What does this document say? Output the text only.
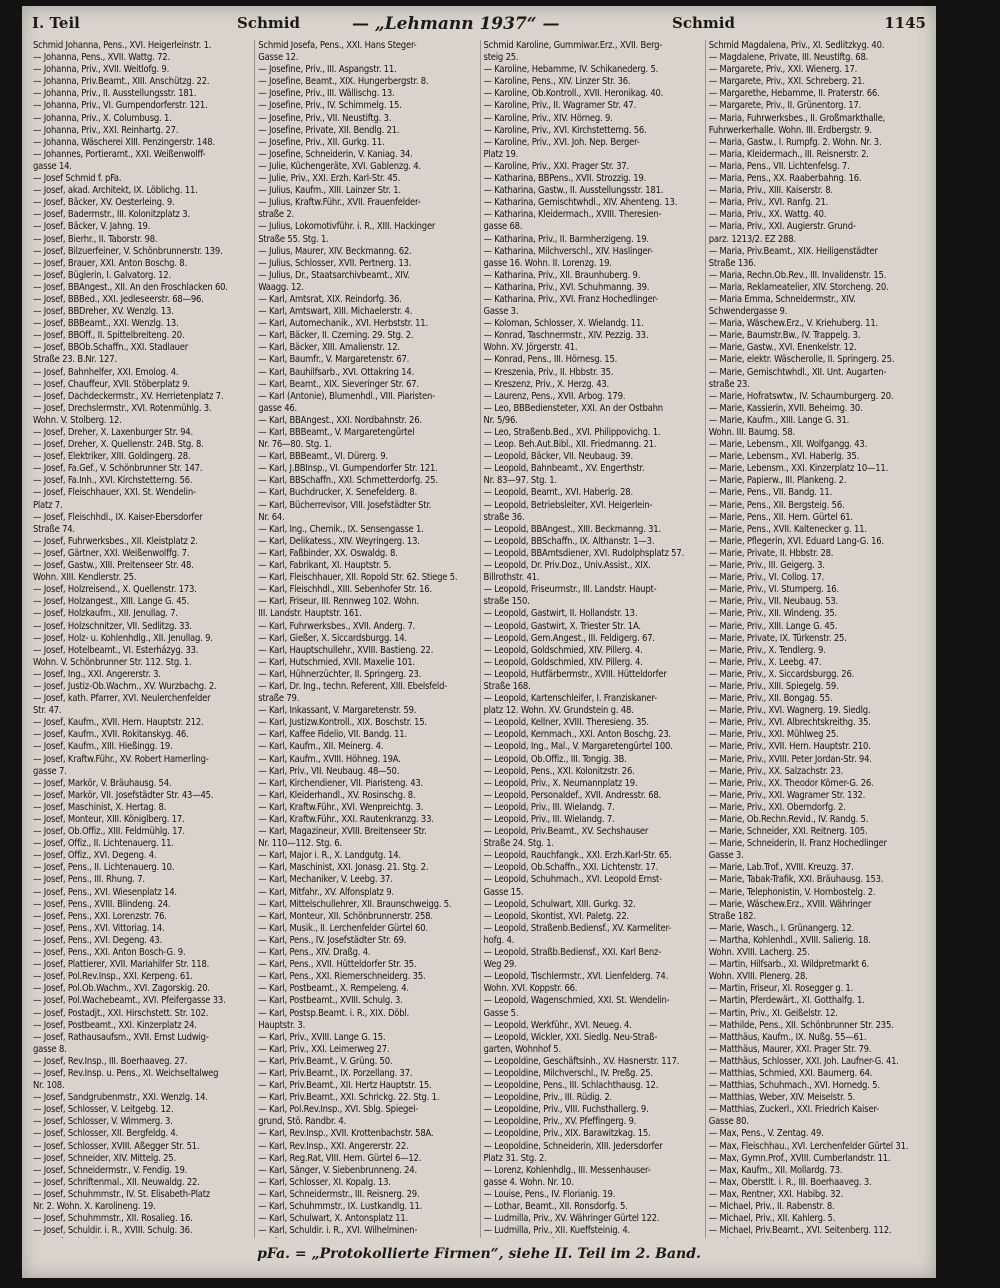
I. Teil	Schmid	— „Lehmann 1937“ —	Schmid	1145
Schmid Johanna, Pens., XVI. Heigerleinstr. 1.
— Johanna, Pens., XVII. Wattg. 72.
— Johanna, Priv., XVII. Weitlofg. 9.
— Johanna, Priv.Beamt., XIII. Anschützg. 22.
— Johanna, Priv., II. Ausstellungsstr. 181.
— Johanna, Priv., VI. Gumpendorferstr. 121.
— Johanna, Priv., X. Columbusg. 1.
— Johanna, Priv., XXI. Reinhartg. 27.
— Johanna, Wäscherei XIII. Penzingerstr. 148.
— Johannes, Portieramt., XXI. Weißenwolff-
gasse 14.
— Josef Schmid f. pFa.
— Josef, akad. Architekt, IX. Löblichg. 11.
— Josef, Bäcker, XV. Oesterleing. 9.
— Josef, Badermstr., III. Kolonitzplatz 3.
— Josef, Bäcker, V. Jahng. 19.
— Josef, Bierhr., II. Taborstr. 98.
— Josef, Bilzuerfeiner, V. Schönbrunnerstr. 139.
— Josef, Brauer, XXI. Anton Boschg. 8.
— Josef, Büglerin, I. Galvatorg. 12.
— Josef, BBAngest., XII. An den Froschlacken 60.
— Josef, BBBed., XXI. Jedleseerstr. 68—96.
— Josef, BBDreher, XV. Wenzlg. 13.
— Josef, BBBeamt., XXI. Wenzlg. 13.
— Josef, BBOff., II. Spittelbreiteng. 20.
— Josef, BBOb.Schaffn., XXI. Stadlauer
Straße 23. B.Nr. 127.
— Josef, Bahnhelfer, XXI. Emolog. 4.
— Josef, Chauffeur, XVII. Stöberplatz 9.
— Josef, Dachdeckermstr., XV. Herrietenplatz 7.
— Josef, Drechslermstr., XVI. Rotenmühlg. 3.
Wohn. V. Stolberg. 12.
— Josef, Dreher, X. Laxenburger Str. 94.
— Josef, Dreher, X. Quellenstr. 24B. Stg. 8.
— Josef, Elektriker, XIII. Goldingerg. 28.
— Josef, Fa.Gef., V. Schönbrunner Str. 147.
— Josef, Fa.Inh., XVI. Kirchstetterng. 56.
— Josef, Fleischhauer, XXI. St. Wendelin-
Platz 7.
— Josef, Fleischhdl., IX. Kaiser-Ebersdorfer
Straße 74.
— Josef, Fuhrwerksbes., XII. Kleistplatz 2.
— Josef, Gärtner, XXI. Weißenwolffg. 7.
— Josef, Gastw., XIII. Preitenseer Str. 48.
Wohn. XIII. Kendlerstr. 25.
— Josef, Holzreisend., X. Quellenstr. 173.
— Josef, Holzangest., XIII. Lange G. 45.
— Josef, Holzkaufm., XII. Jenullag. 7.
— Josef, Holzschnitzer, VII. Sedlitzg. 33.
— Josef, Holz- u. Kohlenhdlg., XII. Jenullag. 9.
— Josef, Hotelbeamt., VI. Esterházyg. 33.
Wohn. V. Schönbrunner Str. 112. Stg. 1.
— Josef, Ing., XXI. Angererstr. 3.
— Josef, Justiz-Ob.Wachm., XV. Wurzbachg. 2.
— Josef, kath. Pfarrer, XVI. Neulerchenfelder
Str. 47.
— Josef, Kaufm., XVII. Hern. Hauptstr. 212.
— Josef, Kaufm., XVII. Rokitanskyg. 46.
— Josef, Kaufm., XIII. Hießingg. 19.
— Josef, Kraftw.Führ., XV. Robert Hamerling-
gasse 7.
— Josef, Markör, V. Bräuhausg. 54.
— Josef, Markör, VII. Josefstädter Str. 43—45.
— Josef, Maschinist, X. Hertag. 8.
— Josef, Monteur, XIII. Königlberg. 17.
— Josef, Ob.Offiz., XIII. Feldmühlg. 17.
— Josef, Offiz., II. Lichtenauerg. 11.
— Josef, Offiz., XVI. Degeng. 4.
— Josef, Pens., II. Lichtenauerg. 10.
— Josef, Pens., III. Rhung. 7.
— Josef, Pens., XVI. Wiesenplatz 14.
— Josef, Pens., XVIII. Blindeng. 24.
— Josef, Pens., XXI. Lorenzstr. 76.
— Josef, Pens., XVI. Vittoriag. 14.
— Josef, Pens., XVI. Degeng. 43.
— Josef, Pens., XXI. Anton Bosch-G. 9.
— Josef, Plattierer, XVII. Mariahilfer Str. 118.
— Josef, Pol.Rev.Insp., XXI. Kerpeng. 61.
— Josef, Pol.Ob.Wachm., XVI. Zagorskig. 20.
— Josef, Pol.Wachebeamt., XVI. Pfeifergasse 33.
— Josef, Postadjt., XXI. Hirschstett. Str. 102.
— Josef, Postbeamt., XXI. Kinzerplatz 24.
— Josef, Rathausaufsm., XVII. Ernst Ludwig-
gasse 8.
— Josef, Rev.Insp., III. Boerhaaveg. 27.
— Josef, Rev.Insp. u. Pens., XI. Weichseltalweg
Nr. 108.
— Josef, Sandgrubenmstr., XXI. Wenzlg. 14.
— Josef, Schlosser, V. Leitgebg. 12.
— Josef, Schlosser, V. Wimmerg. 3.
— Josef, Schlosser, XII. Bergfeldg. 4.
— Josef, Schlosser, XVIII. Aßegger Str. 51.
— Josef, Schneider, XIV. Mittelg. 25.
— Josef, Schneidermstr., V. Fendig. 19.
— Josef, Schriftenmal., XII. Neuwaldg. 22.
— Josef, Schuhmmstr., IV. St. Elisabeth-Platz
Nr. 2. Wohn. X. Karolineng. 19.
— Josef, Schuhmmstr., XII. Rosalieg. 16.
— Josef, Schuldir. i. R., XVIII. Schulg. 36.
Schmid Josefa, Pens., XXI. Hans Steger-
Gasse 12.
— Josefine, Priv., III. Aspangstr. 11.
— Josefine, Beamt., XIX. Hungerbergstr. 8.
— Josefine, Priv., III. Wällischg. 13.
— Josefine, Priv., IV. Schimmelg. 15.
— Josefine, Priv., VII. Neustiftg. 3.
— Josefine, Private, XII. Bendlg. 21.
— Josefine, Priv., XII. Gurkg. 11.
— Josefine, Schneiderin, V. Kaniag. 34.
— Julie, Küchengeräte, XVI. Gablenzg. 4.
— Julie, Priv., XXI. Erzh. Karl-Str. 45.
— Julius, Kaufm., XIII. Lainzer Str. 1.
— Julius, Kraftw.Führ., XVII. Frauenfelder-
straße 2.
— Julius, Lokomotivführ. i. R., XIII. Hackinger
Straße 55. Stg. 1.
— Julius, Maurer, XIV. Beckmanng. 62.
— Julius, Schlosser, XVII. Pertnerg. 13.
— Julius, Dr., Staatsarchivbeamt., XIV.
Waagg. 12.
— Karl, Amtsrat, XIX. Reindorfg. 36.
— Karl, Amtswart, XIII. Michaelerstr. 4.
— Karl, Automechanik., XVI. Herbststr. 11.
— Karl, Bäcker, II. Czerning. 29. Stg. 2.
— Karl, Bäcker, XIII. Amalienstr. 12.
— Karl, Baumfr., V. Margaretenstr. 67.
— Karl, Bauhilfsarb., XVI. Ottakring 14.
— Karl, Beamt., XIX. Sieveringer Str. 67.
— Karl (Antonie), Blumenhdl., VIII. Piaristen-
gasse 46.
— Karl, BBAngest., XXI. Nordbahnstr. 26.
— Karl, BBBeamt., V. Margaretengürtel
Nr. 76—80. Stg. 1.
— Karl, BBBeamt., VI. Dürerg. 9.
— Karl, J.BBInsp., VI. Gumpendorfer Str. 121.
— Karl, BBSchaffn., XXI. Schmetterdorfg. 25.
— Karl, Buchdrucker, X. Senefelderg. 8.
— Karl, Bücherrevisor, VIII. Josefstädter Str.
Nr. 64.
— Karl, Ing., Chemik., IX. Sensengasse 1.
— Karl, Delikatess., XIV. Weyringerg. 13.
— Karl, Faßbinder, XX. Oswaldg. 8.
— Karl, Fabrikant, XI. Hauptstr. 5.
— Karl, Fleischhauer, XII. Ropold Str. 62. Stiege 5.
— Karl, Fleischhdl., XIII. Sebenhofer Str. 16.
— Karl, Friseur, III. Rennweg 102. Wohn.
III. Landstr. Hauptstr. 161.
— Karl, Fuhrwerksbes., XVII. Anderg. 7.
— Karl, Gießer, X. Siccardsburgg. 14.
— Karl, Hauptschullehr., XVIII. Bastieng. 22.
— Karl, Hutschmied, XVII. Maxelie 101.
— Karl, Hühnerzüchter, II. Springerg. 23.
— Karl, Dr. Ing., techn. Referent, XIII. Ebelsfeld-
straße 79.
— Karl, Inkassant, V. Margaretenstr. 59.
— Karl, Justizw.Kontroll., XIX. Boschstr. 15.
— Karl, Kaffee Fidelio, VII. Bandg. 11.
— Karl, Kaufm., XII. Meinerg. 4.
— Karl, Kaufm., XVIII. Höhneg. 19A.
— Karl, Priv., VII. Neubaug. 48—50.
— Karl, Kirchendiener, VII. Piaristeng. 43.
— Karl, Kleiderhandl., XV. Rosinschg. 8.
— Karl, Kraftw.Führ., XVI. Wenpreichtg. 3.
— Karl, Kraftw.Führ., XXI. Rautenkranzg. 33.
— Karl, Magazineur, XVIII. Breitenseer Str.
Nr. 110—112. Stg. 6.
— Karl, Major i. R., X. Landgutg. 14.
— Karl, Maschinist, XXI. Jonasg. 21. Stg. 2.
— Karl, Mechaniker, V. Leebg. 37.
— Karl, Mitfahr., XV. Alfonsplatz 9.
— Karl, Mittelschullehrer, XII. Braunschweigg. 5.
— Karl, Monteur, XII. Schönbrunnerstr. 258.
— Karl, Musik., II. Lerchenfelder Gürtel 60.
— Karl, Pens., IV. Josefstädter Str. 69.
— Karl, Pens., XIV. Draßg. 4.
— Karl, Pens., XVII. Hütteldorfer Str. 35.
— Karl, Pens., XXI. Riemerschneiderg. 35.
— Karl, Postbeamt., X. Rempeleng. 4.
— Karl, Postbeamt., XVIII. Schulg. 3.
— Karl, Postsp.Beamt. i. R., XIX. Döbl.
Hauptstr. 3.
— Karl, Priv., XVIII. Lange G. 15.
— Karl, Priv., XXI. Leimerweg 27.
— Karl, Priv.Beamt., V. Grüng. 50.
— Karl, Priv.Beamt., IX. Porzellang. 37.
— Karl, Priv.Beamt., XII. Hertz Hauptstr. 15.
— Karl, Priv.Beamt., XXI. Schrickg. 22. Stg. 1.
— Karl, Pol.Rev.Insp., XVI. Sblg. Spiegel-
grund, Stö. Randbr. 4.
— Karl, Rev.Insp., XVII. Krottenbachstr. 58A.
— Karl, Rev.Insp., XXI. Angererstr. 22.
— Karl, Reg.Rat, VIII. Hern. Gürtel 6—12.
— Karl, Sänger, V. Siebenbrunneng. 24.
— Karl, Schlosser, XI. Kopalg. 13.
— Karl, Schneidermstr., III. Reisnerg. 29.
— Karl, Schuhmmstr., IX. Lustkandlg. 11.
— Karl, Schulwart, X. Antonsplatz 11.
— Karl, Schuldir. i. R., XVI. Wilhelminen-
Schmid Karoline, Gummiwar.Erz., XVII. Berg-
steig 25.
— Karoline, Hebamme, IV. Schikanederg. 5.
— Karoline, Pens., XIV. Linzer Str. 36.
— Karoline, Ob.Kontroll., XVII. Heronikag. 40.
— Karoline, Priv., II. Wagramer Str. 47.
— Karoline, Priv., XIV. Hörneg. 9.
— Karoline, Priv., XVI. Kirchstetterng. 56.
— Karoline, Priv., XVI. Joh. Nep. Berger-
Platz 19.
— Karoline, Priv., XXI. Prager Str. 37.
— Katharina, BBPens., XVII. Strozzig. 19.
— Katharina, Gastw., II. Ausstellungsstr. 181.
— Katharina, Gemischtwhdl., XIV. Ahenteng. 13.
— Katharina, Kleidermach., XVIII. Theresien-
gasse 68.
— Katharina, Priv., II. Barmherzigeng. 19.
— Katharina, Milchverschl., XIV. Haslinger-
gasse 16. Wohn. II. Lorenzg. 19.
— Katharina, Priv., XII. Braunhuberg. 9.
— Katharina, Priv., XVI. Schuhmanng. 39.
— Katharina, Priv., XVI. Franz Hochedlinger-
Gasse 3.
— Koloman, Schlosser, X. Wielandg. 11.
— Konrad, Taschnermstr., XIV. Pezzig. 33.
Wohn. XV. Jörgerstr. 41.
— Konrad, Pens., III. Hörnesg. 15.
— Kreszenia, Priv., II. Hbbstr. 35.
— Kreszenz, Priv., X. Herzg. 43.
— Laurenz, Pens., XVII. Arbog. 179.
— Leo, BBBediensteter, XXI. An der Ostbahn
Nr. 5/96.
— Leo, Straßenb.Bed., XVI. Philippovichg. 1.
— Leop. Beh.Aut.Bibl., XII. Friedmanng. 21.
— Leopold, Bäcker, VII. Neubaug. 39.
— Leopold, Bahnbeamt., XV. Engerthstr.
Nr. 83—97. Stg. 1.
— Leopold, Beamt., XVI. Haberlg. 28.
— Leopold, Betriebsleiter, XVI. Heigerlein-
straße 36.
— Leopold, BBAngest., XIII. Beckmanng. 31.
— Leopold, BBSchaffn., IX. Althanstr. 1—3.
— Leopold, BBAmtsdiener, XVI. Rudolphsplatz 57.
— Leopold, Dr. Priv.Doz., Univ.Assist., XIX.
Billrothstr. 41.
— Leopold, Friseurmstr., III. Landstr. Haupt-
straße 150.
— Leopold, Gastwirt, II. Hollandstr. 13.
— Leopold, Gastwirt, X. Triester Str. 1A.
— Leopold, Gem.Angest., III. Feldigerg. 67.
— Leopold, Goldschmied, XIV. Pillerg. 4.
— Leopold, Goldschmied, XIV. Pillerg. 4.
— Leopold, Hutfärbermstr., XVIII. Hütteldorfer
Straße 168.
— Leopold, Kartenschleifer, I. Franziskaner-
platz 12. Wohn. XV. Grundstein g. 48.
— Leopold, Kellner, XVIII. Theresieng. 35.
— Leopold, Kernmach., XXI. Anton Boschg. 23.
— Leopold, Ing., Mal., V. Margaretengürtel 100.
— Leopold, Ob.Offiz., III. Tongig. 3B.
— Leopold, Pens., XXI. Kolonitzstr. 26.
— Leopold, Priv., X. Neumannplatz 19.
— Leopold, Personaldef., XVII. Andresstr. 68.
— Leopold, Priv., III. Wielandg. 7.
— Leopold, Priv., III. Wielandg. 7.
— Leopold, Priv.Beamt., XV. Sechshauser
Straße 24. Stg. 1.
— Leopold, Rauchfangk., XXI. Erzh.Karl-Str. 65.
— Leopold, Ob.Schaffn., XXI. Lichtenstr. 17.
— Leopold, Schuhmach., XVI. Leopold Ernst-
Gasse 15.
— Leopold, Schulwart, XIII. Gurkg. 32.
— Leopold, Skontist, XVI. Paletg. 22.
— Leopold, Straßenb.Bediensf., XV. Karmeliter-
hofg. 4.
— Leopold, Straßb.Bediensf., XXI. Karl Benz-
Weg 29.
— Leopold, Tischlermstr., XVI. Lienfelderg. 74.
Wohn. XVI. Koppstr. 66.
— Leopold, Wagenschmied, XXI. St. Wendelin-
Gasse 5.
— Leopold, Werkführ., XVI. Neueg. 4.
— Leopold, Wickler, XXI. Siedlg. Neu-Straß-
garten, Wohnhof 5.
— Leopoldine, Geschäftsinh., XV. Hasnerstr. 117.
— Leopoldine, Milchverschl., IV. Preßg. 25.
— Leopoldine, Pens., III. Schlachthausg. 12.
— Leopoldine, Priv., III. Rüdig. 2.
— Leopoldine, Priv., VIII. Fuchsthallerg. 9.
— Leopoldine, Priv., XV. Pfeffingerg. 9.
— Leopoldine, Priv., XIX. Barawitzkag. 15.
— Leopoldine, Schneiderin, XIII. Jedersdorfer
Platz 31. Stg. 2.
— Lorenz, Kohlenhdlg., III. Messenhauser-
gasse 4. Wohn. Nr. 10.
— Louise, Pens., IV. Florianig. 19.
— Lothar, Beamt., XII. Ronsdorfg. 5.
— Ludmilla, Priv., XV. Währinger Gürtel 122.
— Ludmilla, Priv., XII. Kueffsteinig. 4.
Schmid Magdalena, Priv., XI. Sedlitzkyg. 40.
— Magdalene, Private, III. Neustiftg. 68.
— Margarete, Priv., XXI. Wienerg. 17.
— Margarete, Priv., XXI. Schreberg. 21.
— Margarethe, Hebamme, II. Praterstr. 66.
— Margarete, Priv., II. Grünentorg. 17.
— Maria, Fuhrwerksbes., II. Großmarkthalle,
Fuhrwerkerhalle. Wohn. III. Erdbergstr. 9.
— Maria, Gastw., I. Rumpfg. 2. Wohn. Nr. 3.
— Maria, Kleidermach., III. Reisnerstr. 2.
— Maria, Pens., VII. Lichtenfelsg. 7.
— Maria, Pens., XX. Raaberbahng. 16.
— Maria, Priv., XIII. Kaiserstr. 8.
— Maria, Priv., XVI. Ranfg. 21.
— Maria, Priv., XX. Wattg. 40.
— Maria, Priv., XXI. Augierstr. Grund-
parz. 1213/2. EZ 288.
— Maria, Priv.Beamt., XIX. Heiligenstädter
Straße 136.
— Maria, Rechn.Ob.Rev., III. Invalidenstr. 15.
— Maria, Reklameatelier, XIV. Storcheng. 20.
— Maria Emma, Schneidermstr., XIV.
Schwendergasse 9.
— Maria, Wäschew.Erz., V. Kriehuberg. 11.
— Marie, Baumstr.Bw., IV. Trappelg. 3.
— Marie, Gastw., XVI. Enenkelstr. 12.
— Marie, elektr. Wäscherolle, II. Springerg. 25.
— Marie, Gemischtwhdl., XII. Unt. Augarten-
straße 23.
— Marie, Hofratswtw., IV. Schaumburgerg. 20.
— Marie, Kassierin, XVII. Beheimg. 30.
— Marie, Kaufm., XIII. Lange G. 31.
Wohn. III. Baumg. 58.
— Marie, Lebensm., XII. Wolfgangg. 43.
— Marie, Lebensm., XVI. Haberlg. 35.
— Marie, Lebensm., XXI. Kinzerplatz 10—11.
— Marie, Papierw., III. Plankeng. 2.
— Marie, Pens., VII. Bandg. 11.
— Marie, Pens., XII. Bergsteig. 56.
— Marie, Pens., XII. Hern. Gürtel 61.
— Marie, Pens., XVII. Kaltenecker g. 11.
— Marie, Pflegerin, XVI. Eduard Lang-G. 16.
— Marie, Private, II. Hbbstr. 28.
— Marie, Priv., III. Geigerg. 3.
— Marie, Priv., VI. Collog. 17.
— Marie, Priv., VI. Stumperg. 16.
— Marie, Priv., VII. Neubaug. 53.
— Marie, Priv., XII. Windeng. 35.
— Marie, Priv., XIII. Lange G. 45.
— Marie, Private, IX. Türkenstr. 25.
— Marie, Priv., X. Tendlerg. 9.
— Marie, Priv., X. Leebg. 47.
— Marie, Priv., X. Siccardsburgg. 26.
— Marie, Priv., XIII. Spiegelg. 59.
— Marie, Priv., XII. Bongag. 55.
— Marie, Priv., XVI. Wagnerg. 19. Siedlg.
— Marie, Priv., XVI. Albrechtskreithg. 35.
— Marie, Priv., XXI. Mühlweg 25.
— Marie, Priv., XVII. Hern. Hauptstr. 210.
— Marie, Priv., XVIII. Peter Jordan-Str. 94.
— Marie, Priv., XX. Salzachstr. 23.
— Marie, Priv., XX. Theodor Körner-G. 26.
— Marie, Priv., XXI. Wagramer Str. 132.
— Marie, Priv., XXI. Oberndorfg. 2.
— Marie, Ob.Rechn.Revid., IV. Randg. 5.
— Marie, Schneider, XXI. Reitnerg. 105.
— Marie, Schneiderin, II. Franz Hochedlinger
Gasse 3.
— Marie, Lab.Trof., XVIII. Kreuzg. 37.
— Marie, Tabak-Trafik, XXI. Bräuhausg. 153.
— Marie, Telephonistin, V. Hornbostelg. 2.
— Marie, Wäschew.Erz., XVIII. Währinger
Straße 182.
— Marie, Wasch., I. Grünangerg. 12.
— Martha, Kohlenhdl., XVIII. Salierig. 18.
Wohn. XVIII. Lacherg. 25.
— Martin, Hilfsarb., XI. Wildpretmarkt 6.
Wohn. XVIII. Plenerg. 28.
— Martin, Friseur, XI. Rosegger g. 1.
— Martin, Pferdewärt., XI. Gotthalfg. 1.
— Martin, Priv., XI. Geißelstr. 12.
— Mathilde, Pens., XII. Schönbrunner Str. 235.
— Matthäus, Kaufm., IX. Nußg. 55—61.
— Matthäus, Maurer, XXI. Prager Str. 79.
— Matthäus, Schlosser, XXI. Joh. Laufner-G. 41.
— Matthias, Schmied, XXI. Baumerg. 64.
— Matthias, Schuhmach., XVI. Hornedg. 5.
— Matthias, Weber, XIV. Meiselstr. 5.
— Matthias, Zuckerl., XXI. Friedrich Kaiser-
Gasse 80.
— Max, Pens., V. Zentag. 49.
— Max, Fleischhau., XVI. Lerchenfelder Gürtel 31.
— Max, Gymn.Prof., XVIII. Cumberlandstr. 11.
— Max, Kaufm., XII. Mollardg. 73.
— Max, Oberstlt. i. R., III. Boerhaaveg. 3.
— Max, Rentner, XXI. Habibg. 32.
— Michael, Priv., II. Rabenstr. 8.
— Michael, Priv., XII. Kahlerg. 5.
— Michael, Priv.Beamt., XVI. Seitenberg. 112.
pFa. = „Protokollierte Firmen“, siehe II. Teil im 2. Band.
